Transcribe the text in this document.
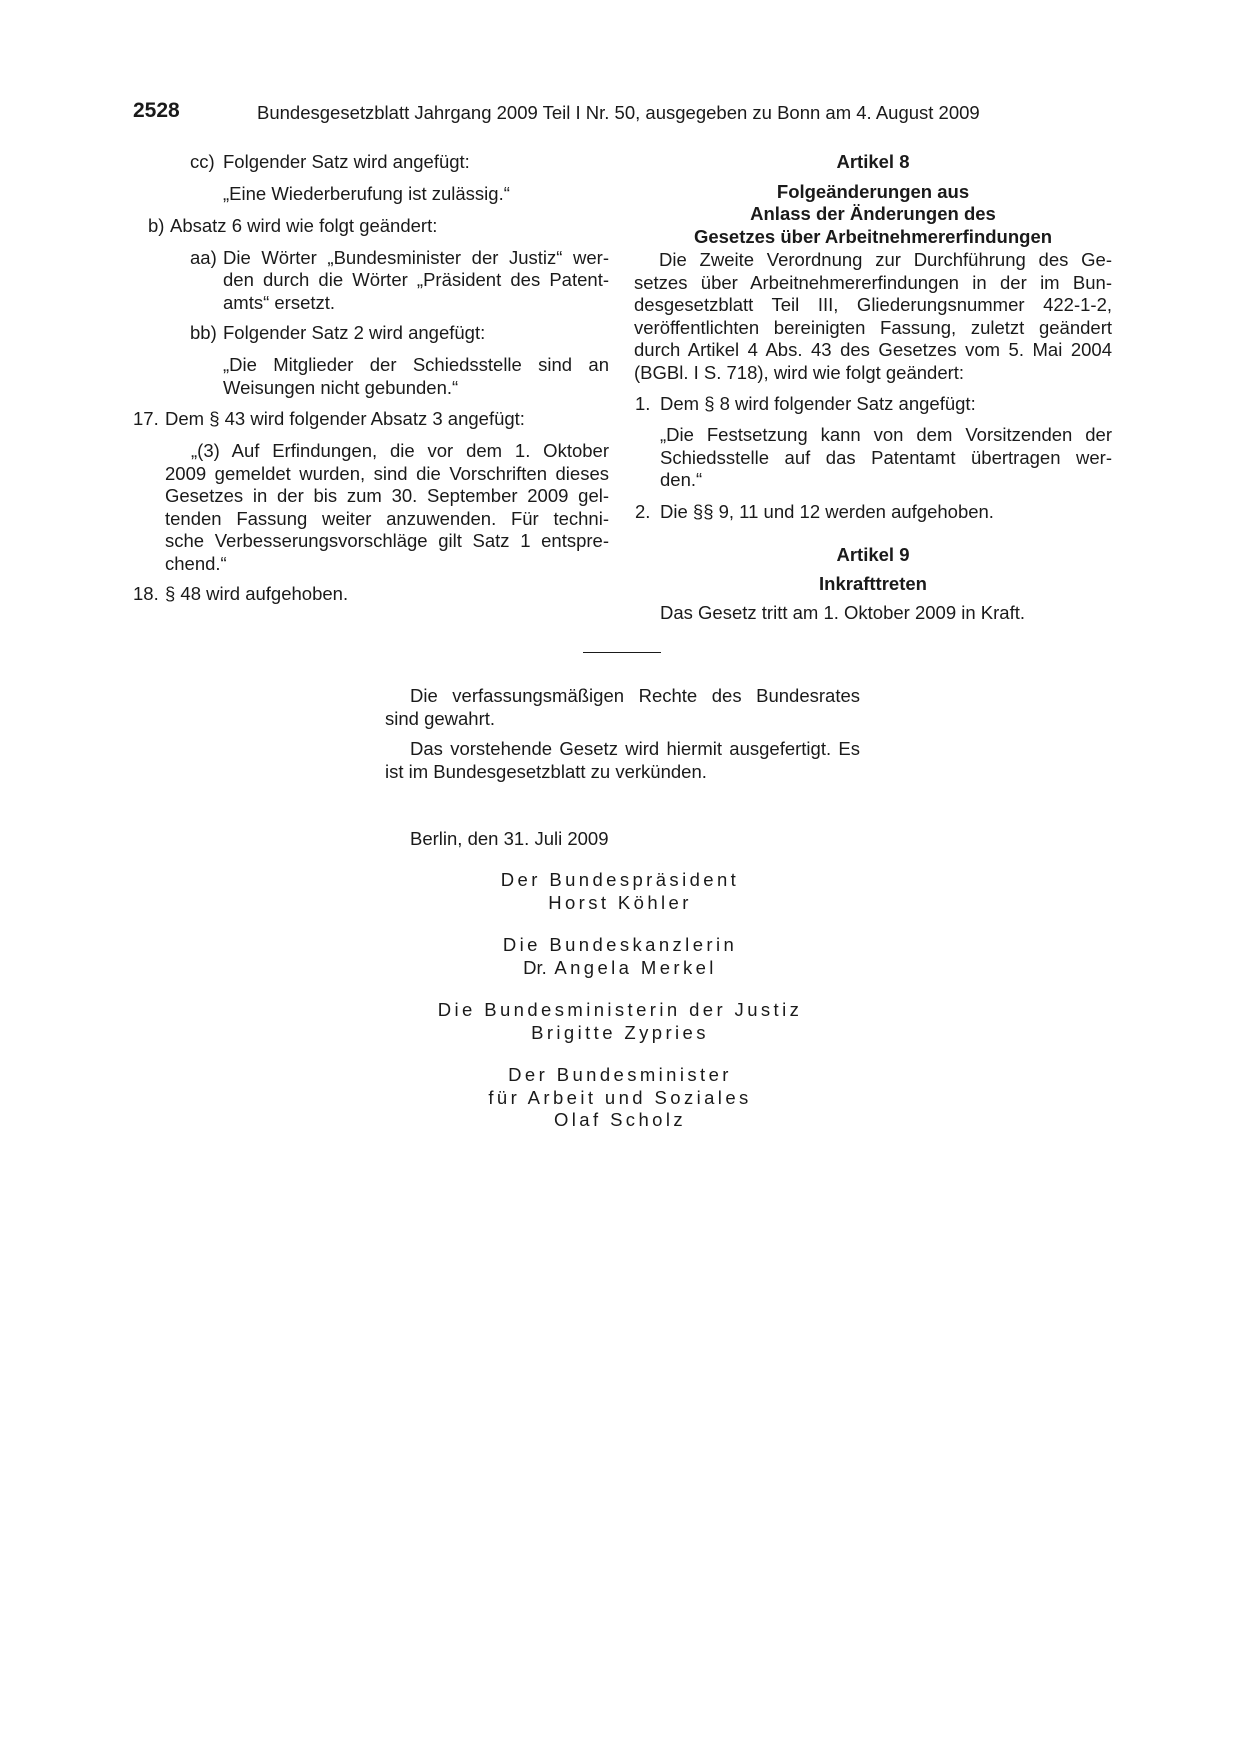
2528	Bundesgesetzblatt Jahrgang 2009 Teil I Nr. 50, ausgegeben zu Bonn am 4. August 2009
cc) Folgender Satz wird angefügt:
„Eine Wiederberufung ist zulässig.“
b) Absatz 6 wird wie folgt geändert:
aa) Die Wörter „Bundesminister der Justiz“ wer-
den durch die Wörter „Präsident des Patent-
amts“ ersetzt.
bb) Folgender Satz 2 wird angefügt:
„Die Mitglieder der Schiedsstelle sind an
Weisungen nicht gebunden.“
17. Dem § 43 wird folgender Absatz 3 angefügt:
„(3) Auf Erfindungen, die vor dem 1. Oktober
2009 gemeldet wurden, sind die Vorschriften dieses
Gesetzes in der bis zum 30. September 2009 gel-
tenden Fassung weiter anzuwenden. Für techni-
sche Verbesserungsvorschläge gilt Satz 1 entspre-
chend.“
18. § 48 wird aufgehoben.
Artikel 8
Folgeänderungen aus
Anlass der Änderungen des
Gesetzes über Arbeitnehmererfindungen
Die Zweite Verordnung zur Durchführung des Ge-
setzes über Arbeitnehmererfindungen in der im Bun-
desgesetzblatt Teil III, Gliederungsnummer 422-1-2,
veröffentlichten bereinigten Fassung, zuletzt geändert
durch Artikel 4 Abs. 43 des Gesetzes vom 5. Mai 2004
(BGBl. I S. 718), wird wie folgt geändert:
1. Dem § 8 wird folgender Satz angefügt:
„Die Festsetzung kann von dem Vorsitzenden der
Schiedsstelle auf das Patentamt übertragen wer-
den.“
2. Die §§ 9, 11 und 12 werden aufgehoben.
Artikel 9
Inkrafttreten
Das Gesetz tritt am 1. Oktober 2009 in Kraft.
Die verfassungsmäßigen Rechte des Bundesrates
sind gewahrt.
Das vorstehende Gesetz wird hiermit ausgefertigt. Es
ist im Bundesgesetzblatt zu verkünden.
Berlin, den 31. Juli 2009
Der Bundespräsident
Horst Köhler
Die Bundeskanzlerin
Dr. Angela Merkel
Die Bundesministerin der Justiz
Brigitte Zypries
Der Bundesminister
für Arbeit und Soziales
Olaf Scholz
